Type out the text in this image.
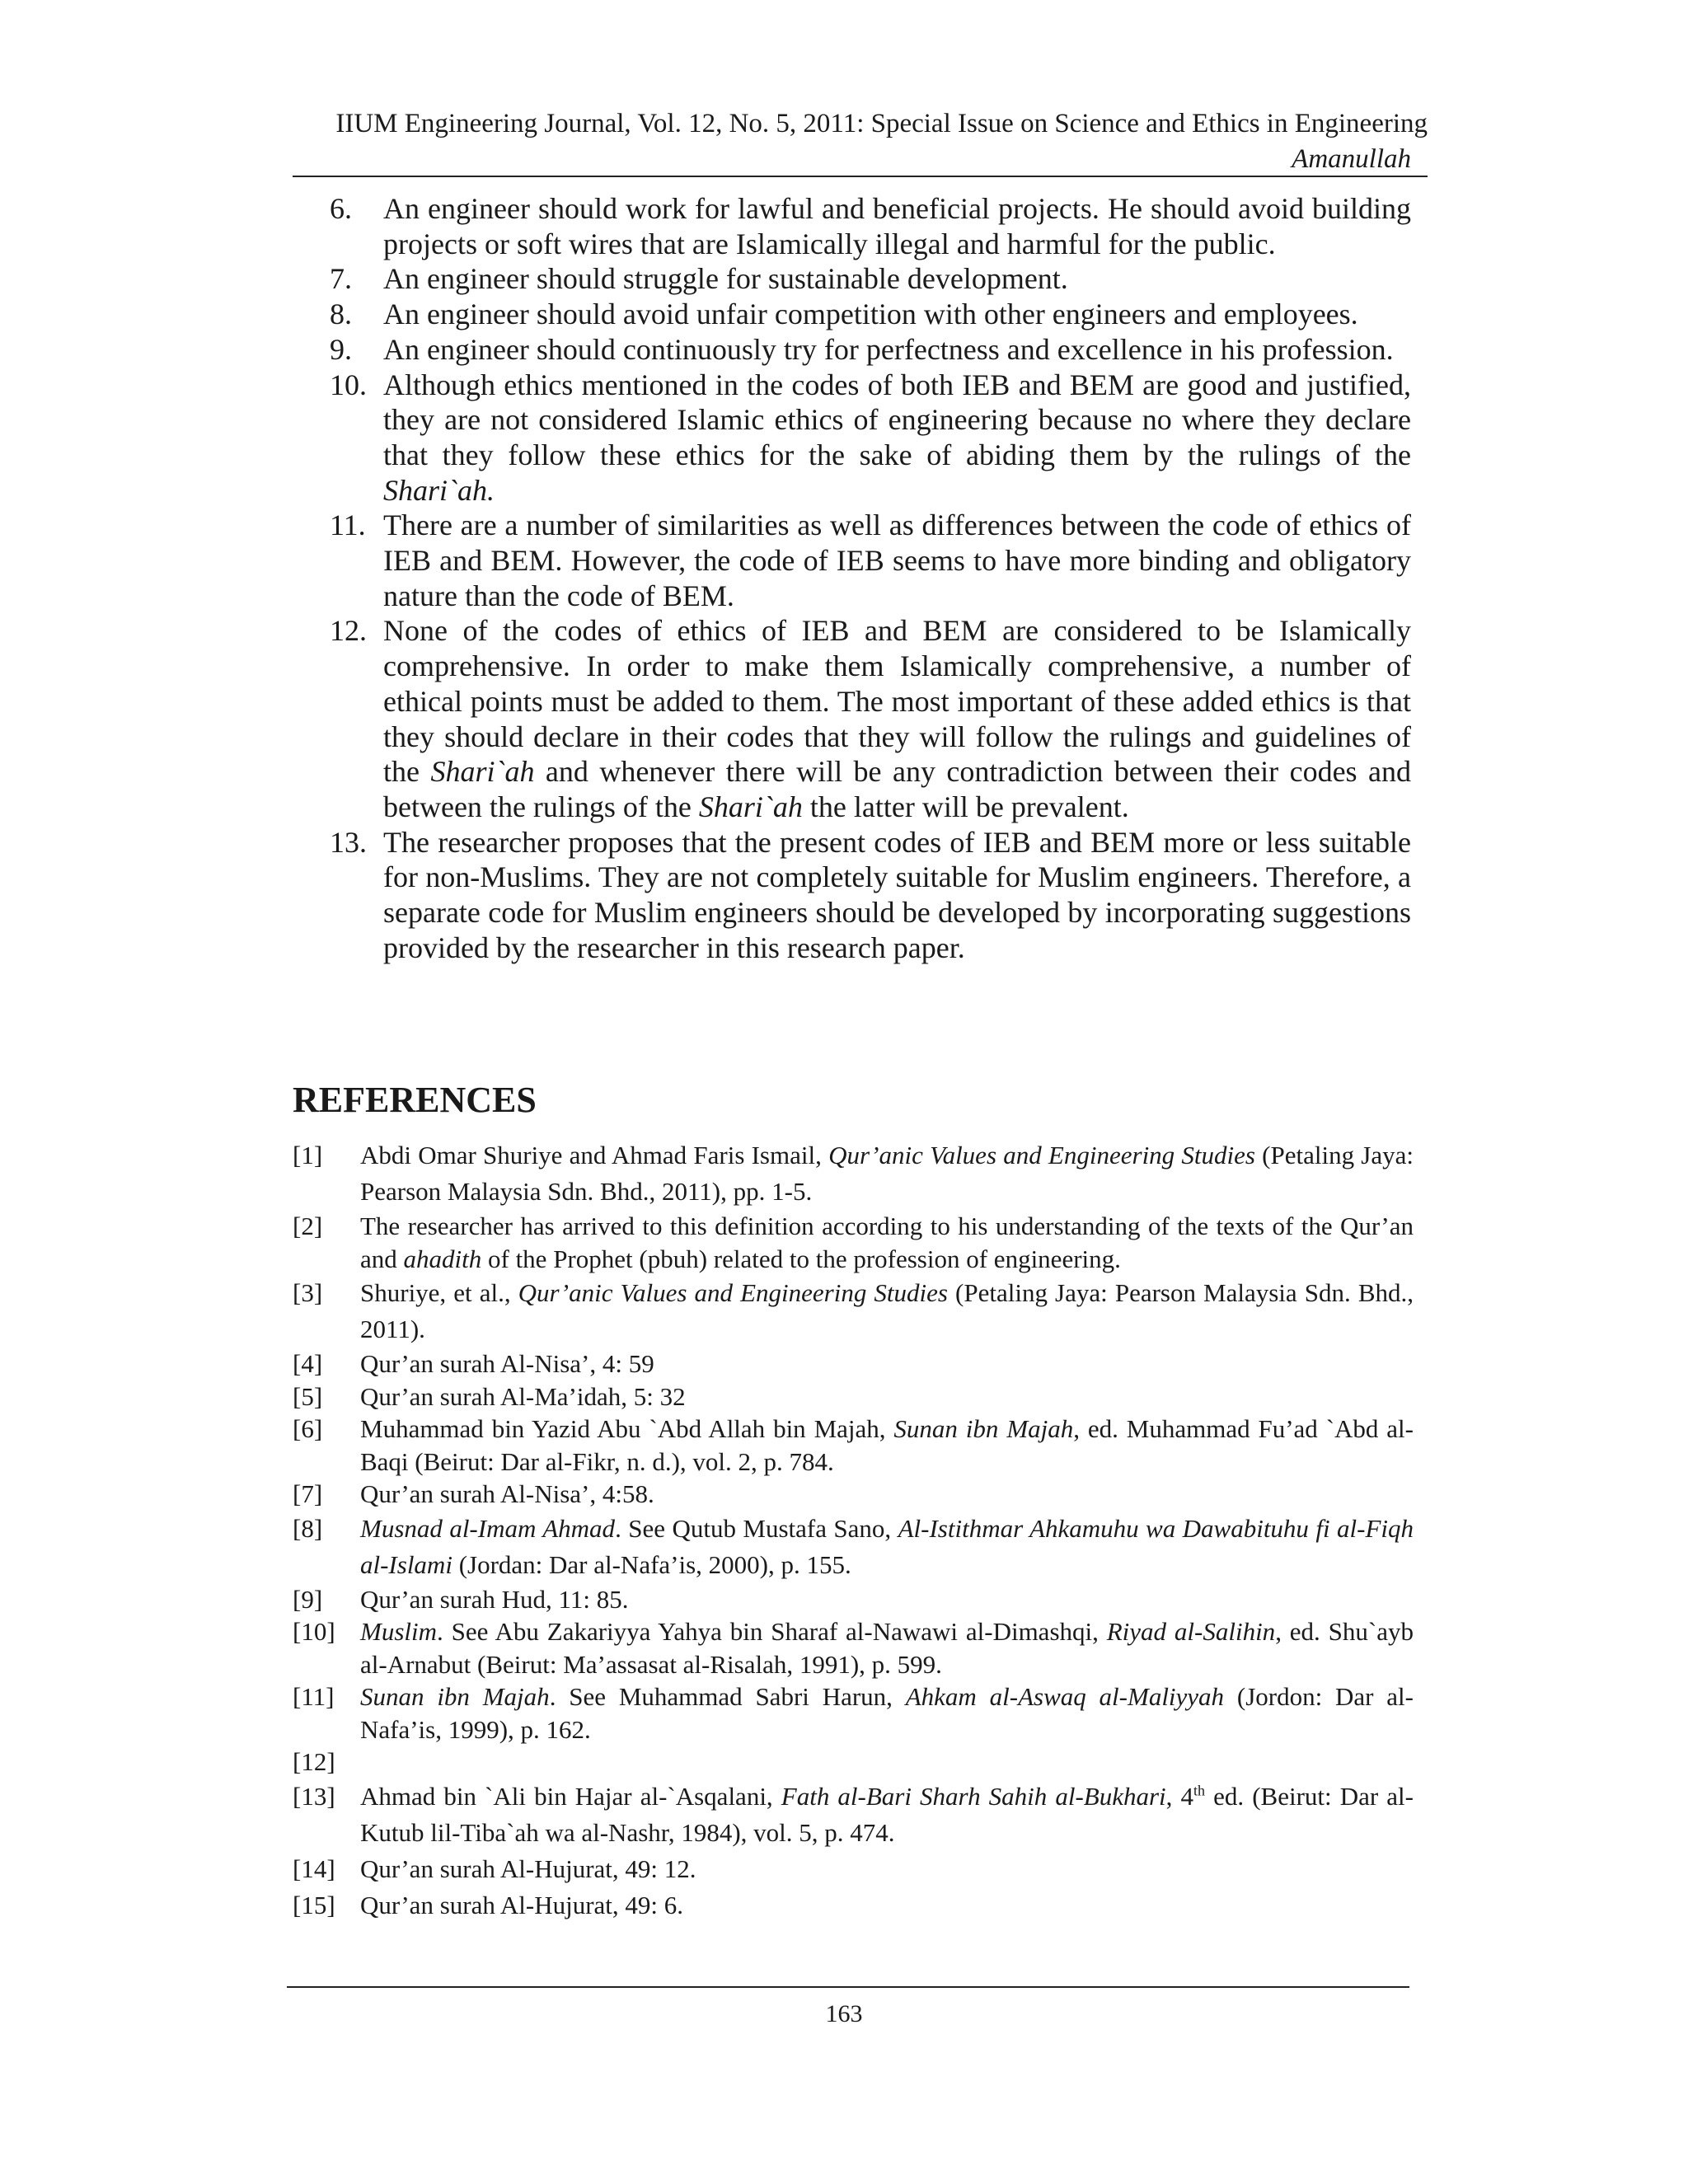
IIUM Engineering Journal, Vol. 12, No. 5, 2011: Special Issue on Science and Ethics in Engineering
Amanullah
6.	An engineer should work for lawful and beneficial projects. He should avoid building projects or soft wires that are Islamically illegal and harmful for the public.
7.	An engineer should struggle for sustainable development.
8.	An engineer should avoid unfair competition with other engineers and employees.
9.	An engineer should continuously try for perfectness and excellence in his profession.
10. Although ethics mentioned in the codes of both IEB and BEM are good and justified, they are not considered Islamic ethics of engineering because no where they declare that they follow these ethics for the sake of abiding them by the rulings of the Shari`ah.
11. There are a number of similarities as well as differences between the code of ethics of IEB and BEM. However, the code of IEB seems to have more binding and obligatory nature than the code of BEM.
12. None of the codes of ethics of IEB and BEM are considered to be Islamically comprehensive. In order to make them Islamically comprehensive, a number of ethical points must be added to them. The most important of these added ethics is that they should declare in their codes that they will follow the rulings and guidelines of the Shari`ah and whenever there will be any contradiction between their codes and between the rulings of the Shari`ah the latter will be prevalent.
13. The researcher proposes that the present codes of IEB and BEM more or less suitable for non-Muslims. They are not completely suitable for Muslim engineers. Therefore, a separate code for Muslim engineers should be developed by incorporating suggestions provided by the researcher in this research paper.
REFERENCES
[1] Abdi Omar Shuriye and Ahmad Faris Ismail, Qur’anic Values and Engineering Studies (Petaling Jaya: Pearson Malaysia Sdn. Bhd., 2011), pp. 1-5.
[2] The researcher has arrived to this definition according to his understanding of the texts of the Qur’an and ahadith of the Prophet (pbuh) related to the profession of engineering.
[3] Shuriye, et al., Qur’anic Values and Engineering Studies (Petaling Jaya: Pearson Malaysia Sdn. Bhd., 2011).
[4] Qur’an surah Al-Nisa’, 4: 59
[5] Qur’an surah Al-Ma’idah, 5: 32
[6] Muhammad bin Yazid Abu `Abd Allah bin Majah, Sunan ibn Majah, ed. Muhammad Fu’ad `Abd al-Baqi (Beirut: Dar al-Fikr, n. d.), vol. 2, p. 784.
[7] Qur’an surah Al-Nisa’, 4:58.
[8] Musnad al-Imam Ahmad. See Qutub Mustafa Sano, Al-Istithmar Ahkamuhu wa Dawabituhu fi al-Fiqh al-Islami (Jordan: Dar al-Nafa’is, 2000), p. 155.
[9] Qur’an surah Hud, 11: 85.
[10] Muslim. See Abu Zakariyya Yahya bin Sharaf al-Nawawi al-Dimashqi, Riyad al-Salihin, ed. Shu`ayb al-Arnabut (Beirut: Ma’assasat al-Risalah, 1991), p. 599.
[11] Sunan ibn Majah. See Muhammad Sabri Harun, Ahkam al-Aswaq al-Maliyyah (Jordon: Dar al-Nafa’is, 1999), p. 162.
[12]
[13] Ahmad bin `Ali bin Hajar al-`Asqalani, Fath al-Bari Sharh Sahih al-Bukhari, 4th ed. (Beirut: Dar al-Kutub lil-Tiba`ah wa al-Nashr, 1984), vol. 5, p. 474.
[14] Qur’an surah Al-Hujurat, 49: 12.
[15] Qur’an surah Al-Hujurat, 49: 6.
163
